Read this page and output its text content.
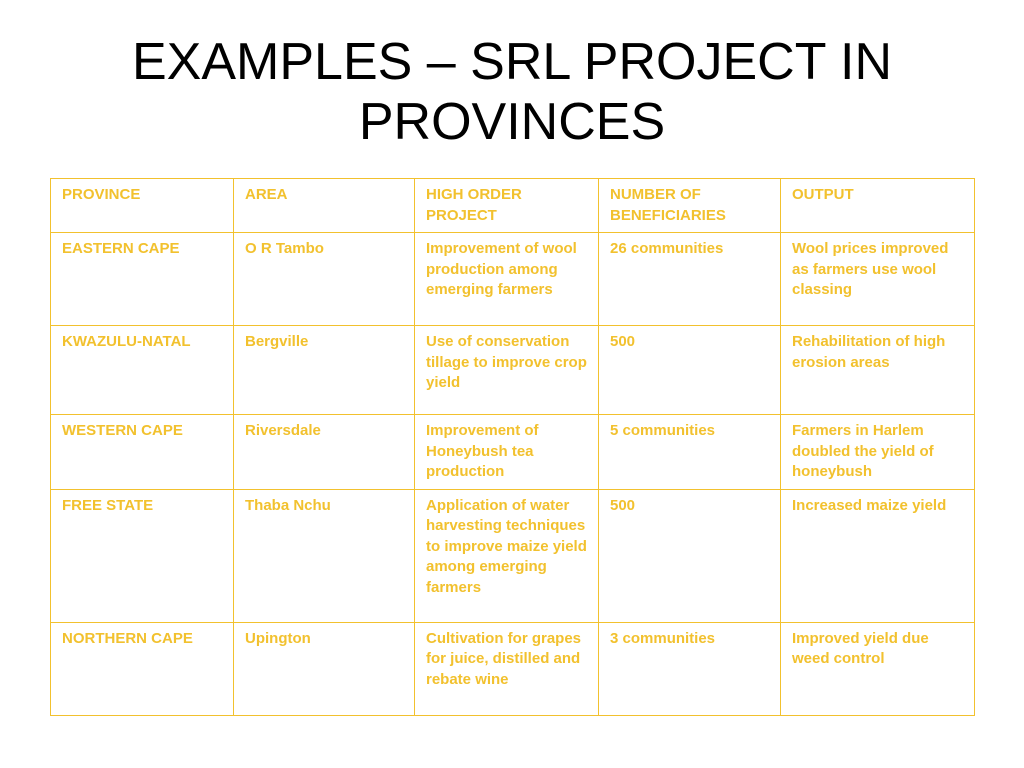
EXAMPLES – SRL PROJECT IN
PROVINCES
PROVINCE	AREA	HIGH ORDER PROJECT	NUMBER OF BENEFICIARIES	OUTPUT
EASTERN CAPE	O R Tambo	Improvement of wool production among emerging farmers	26 communities	Wool prices improved as farmers use wool classing
KWAZULU-NATAL	Bergville	Use of conservation tillage to improve crop yield	500	Rehabilitation of high erosion areas
WESTERN CAPE	Riversdale	Improvement of Honeybush tea production	5 communities	Farmers in Harlem doubled the yield of honeybush
FREE STATE	Thaba Nchu	Application of water harvesting techniques to improve maize yield among emerging farmers	500	Increased maize yield
NORTHERN CAPE	Upington	Cultivation for grapes for juice, distilled and rebate wine	3 communities	Improved yield due weed control
